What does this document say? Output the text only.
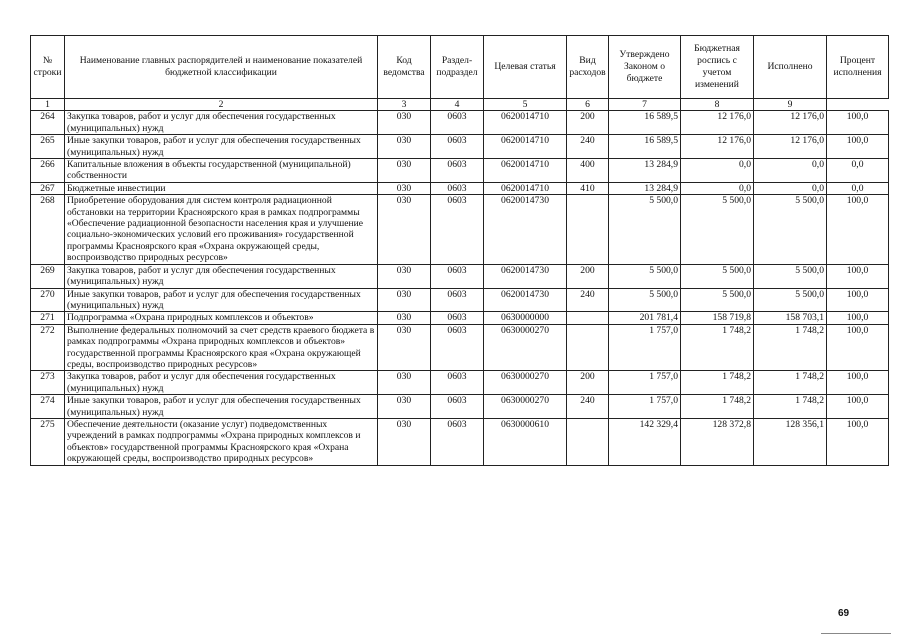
№ строки	Наименование главных распорядителей и наименование показателей бюджетной классификации	Код ведомства	Раздел- подраздел	Целевая статья	Вид расходов	Утверждено Законом о бюджете	Бюджетная роспись с учетом изменений	Исполнено	Процент исполнения
1	2	3	4	5	6	7	8	9	
264	Закупка товаров, работ и услуг для обеспечения государственных (муниципальных) нужд	030	0603	0620014710	200	16 589,5	12 176,0	12 176,0	100,0
265	Иные закупки товаров, работ и услуг для обеспечения государственных (муниципальных) нужд	030	0603	0620014710	240	16 589,5	12 176,0	12 176,0	100,0
266	Капитальные вложения в объекты государственной (муниципальной) собственности	030	0603	0620014710	400	13 284,9	0,0	0,0	0,0
267	Бюджетные инвестиции	030	0603	0620014710	410	13 284,9	0,0	0,0	0,0
268	Приобретение оборудования для систем контроля радиационной обстановки на территории Красноярского края в рамках подпрограммы «Обеспечение радиационной безопасности населения края и улучшение социально-экономических условий его проживания» государственной программы Красноярского края «Охрана окружающей среды, воспроизводство природных ресурсов»	030	0603	0620014730		5 500,0	5 500,0	5 500,0	100,0
269	Закупка товаров, работ и услуг для обеспечения государственных (муниципальных) нужд	030	0603	0620014730	200	5 500,0	5 500,0	5 500,0	100,0
270	Иные закупки товаров, работ и услуг для обеспечения государственных (муниципальных) нужд	030	0603	0620014730	240	5 500,0	5 500,0	5 500,0	100,0
271	Подпрограмма «Охрана природных комплексов и объектов»	030	0603	0630000000		201 781,4	158 719,8	158 703,1	100,0
272	Выполнение федеральных полномочий за счет средств краевого бюджета в рамках подпрограммы «Охрана природных комплексов и объектов» государственной программы Красноярского края «Охрана окружающей среды, воспроизводство природных ресурсов»	030	0603	0630000270		1 757,0	1 748,2	1 748,2	100,0
273	Закупка товаров, работ и услуг для обеспечения государственных (муниципальных) нужд	030	0603	0630000270	200	1 757,0	1 748,2	1 748,2	100,0
274	Иные закупки товаров, работ и услуг для обеспечения государственных (муниципальных) нужд	030	0603	0630000270	240	1 757,0	1 748,2	1 748,2	100,0
275	Обеспечение деятельности (оказание услуг) подведомственных учреждений в рамках подпрограммы «Охрана природных комплексов и объектов» государственной программы Красноярского края «Охрана окружающей среды, воспроизводство природных ресурсов»	030	0603	0630000610		142 329,4	128 372,8	128 356,1	100,0
69
